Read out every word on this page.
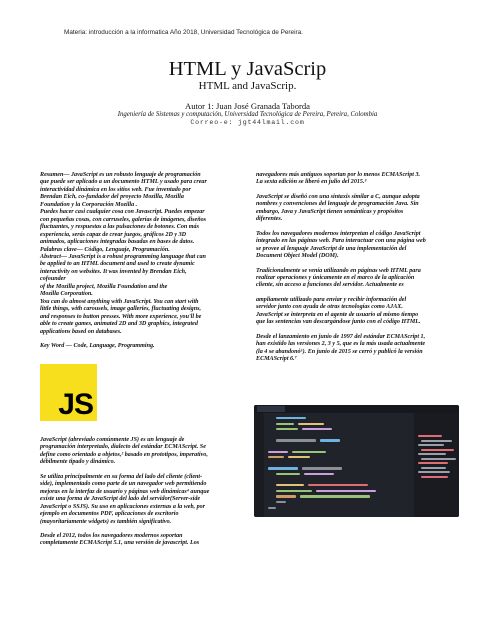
Materia: introducción a la informatica Año 2018, Universidad Tecnológica de Pereira.
HTML y JavaScrip
HTML and JavaScrip.
Autor 1: Juan José Granada Taborda
Ingeniería de Sistemas y computación, Universidad Tecnológica de Pereira, Pereira, Colombia
Correo-e: jgt44lmail.com

Resumen— JavaScript es un robusto lenguaje de programación

que puede ser aplicado a un documento HTML y usado para crear

interactividad dinámica en los sitios web. Fue inventado por

Brendan Eich, co-fundador del proyecto Mozilla, Mozilla

Foundation y la Corporación Mozilla .

Puedes hacer casi cualquier cosa con Javascript. Puedes empezar

con pequeñas cosas, con carruseles, galerías de imágenes, diseños

fluctuantes, y respuestas a las pulsaciones de botones. Con más

experiencia, serás capaz de crear juegos, gráficos 2D y 3D

animados, aplicaciones integradas basadas en bases de datos.

Palabras clave— Código, Lenguaje, Programación.

Abstract— JavaScript is a robust programming language that can

be applied to an HTML document and used to create dynamic

interactivity on websites. It was invented by Brendan Eich,

cofounder

of the Mozilla project, Mozilla Foundation and the

Mozilla Corporation.

You can do almost anything with JavaScript. You can start with

little things, with carousels, image galleries, fluctuating designs,

and responses to button presses. With more experience, you'll be

able to create games, animated 2D and 3D graphics, integrated

applications based on databases.

Key Word — Code, Language, Programming.

navegadores más antiguos soportan por lo menos ECMAScript 3.

La sexta edición se liberó en julio del 2015.³

JavaScript se diseñó con una sintaxis similar a C, aunque adopta

nombres y convenciones del lenguaje de programación Java. Sin

embargo, Java y JavaScript tienen semánticas y propósitos

diferentes.

Todos los navegadores modernos interpretan el código JavaScript

integrado en las páginas web. Para interactuar con una página web

se provee al lenguaje JavaScript de una implementación del

Document Object Model (DOM).

Tradicionalmente se venía utilizando en páginas web HTML para

realizar operaciones y únicamente en el marco de la aplicación

cliente, sin acceso a funciones del servidor. Actualmente es

ampliamente utilizado para enviar y recibir información del

servidor junto con ayuda de otras tecnologías como AJAX.

JavaScript se interpreta en el agente de usuario al mismo tiempo

que las sentencias van descargándose junto con el código HTML.

Desde el lanzamiento en junio de 1997 del estándar ECMAScript 1,

han existido las versiones 2, 3 y 5, que es la más usada actualmente

(la 4 se abandonó⁵). En junio de 2015 se cerró y publicó la versión

ECMAScript 6.⁷

JS

JavaScript (abreviado comúnmente JS) es un lenguaje de

programación interpretado, dialecto del estándar ECMAScript. Se

define como orientado a objetos,² basado en prototipos, imperativo,

débilmente tipado y dinámico.

Se utiliza principalmente en su forma del lado del cliente (client-

side), implementado como parte de un navegador web permitiendo

mejoras en la interfaz de usuario y páginas web dinámicas⁴ aunque

existe una forma de JavaScript del lado del servidor(Server-side

JavaScript o SSJS). Su uso en aplicaciones externas a la web, por

ejemplo en documentos PDF, aplicaciones de escritorio

(mayoritariamente widgets) es también significativo.

Desde el 2012, todos los navegadores modernos soportan

completamente ECMAScript 5.1, una versión de javascript. Los
